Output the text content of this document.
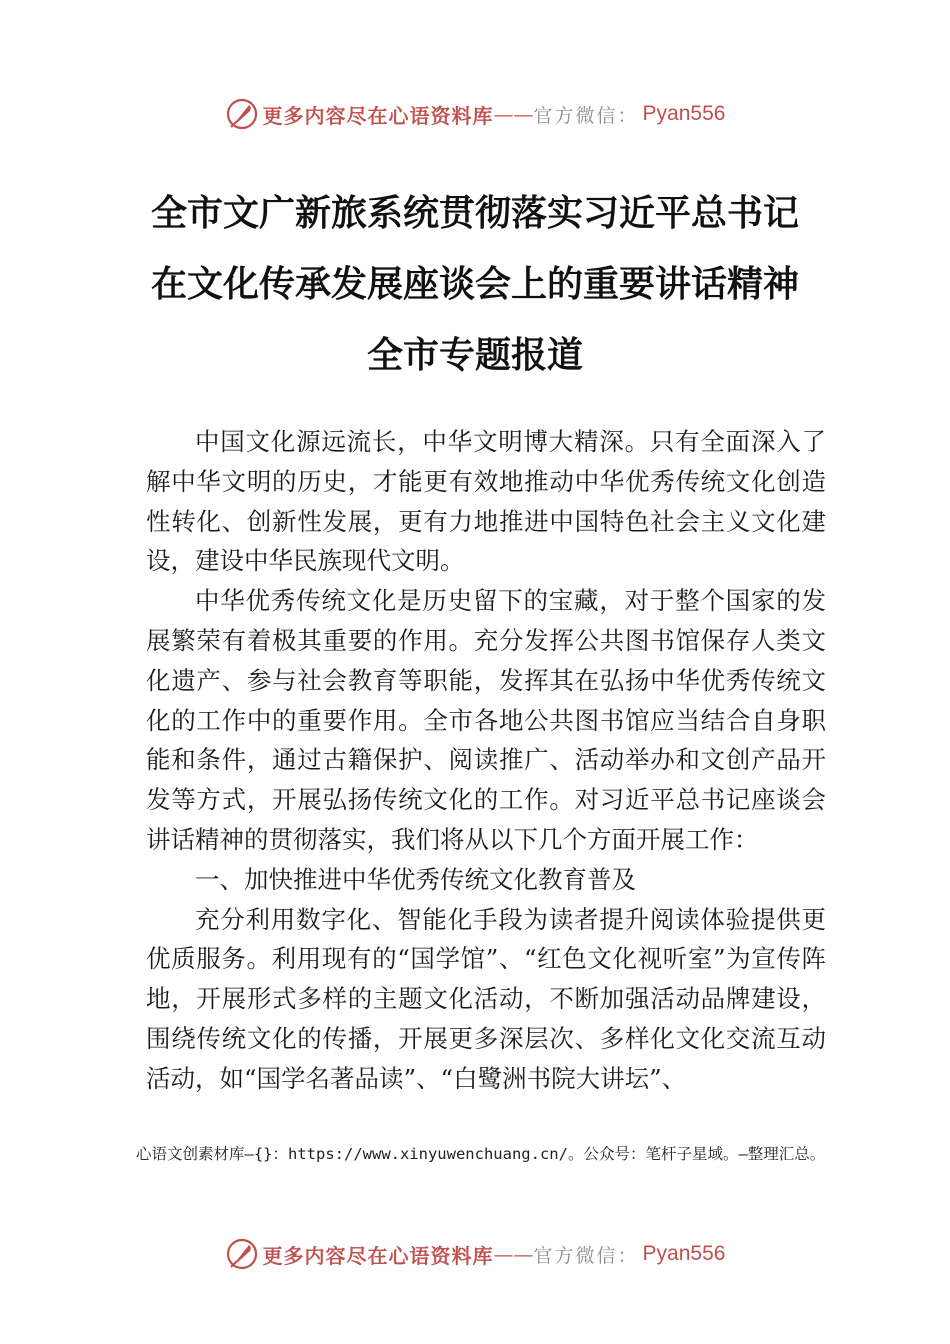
更多内容尽在心语资料库 —— 官方微信： Pyan556
全市文广新旅系统贯彻落实习近平总书记
在文化传承发展座谈会上的重要讲话精神
全市专题报道

中国文化源远流长，中华文明博大精深。只有全面深入了解中华文明的历史，才能更有效地推动中华优秀传统文化创造性转化、创新性发展，更有力地推进中国特色社会主义文化建设，建设中华民族现代文明。

中华优秀传统文化是历史留下的宝藏，对于整个国家的发展繁荣有着极其重要的作用。充分发挥公共图书馆保存人类文化遗产、参与社会教育等职能，发挥其在弘扬中华优秀传统文化的工作中的重要作用。全市各地公共图书馆应当结合自身职能和条件，通过古籍保护、阅读推广、活动举办和文创产品开发等方式，开展弘扬传统文化的工作。对习近平总书记座谈会讲话精神的贯彻落实，我们将从以下几个方面开展工作：

一、加快推进中华优秀传统文化教育普及

充分利用数字化、智能化手段为读者提升阅读体验提供更优质服务。利用现有的“国学馆”、“红色文化视听室”为宣传阵地，开展形式多样的主题文化活动，不断加强活动品牌建设，围绕传统文化的传播，开展更多深层次、多样化文化交流互动活动，如“国学名著品读”、“白鹭洲书院大讲坛”、

心语文创素材库—{}：https://www.xinyuwenchuang.cn/。公众号：笔杆子星域。—整理汇总。
更多内容尽在心语资料库 —— 官方微信： Pyan556
